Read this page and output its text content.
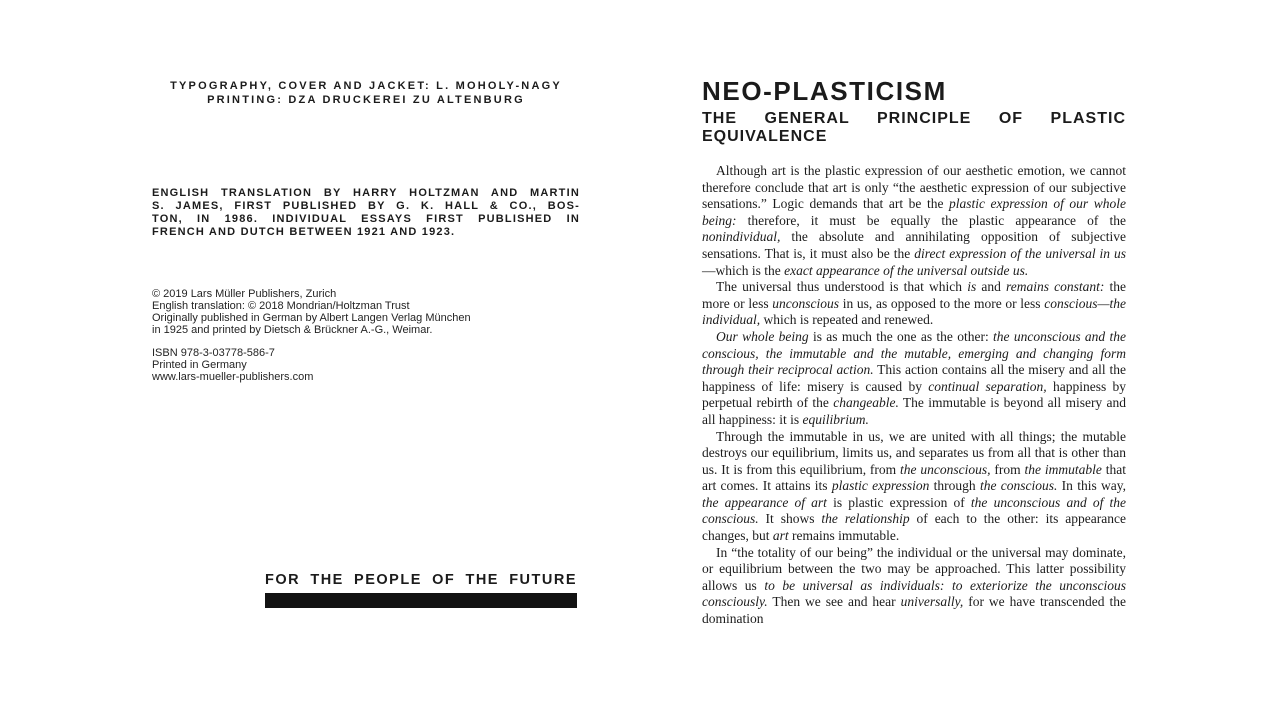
TYPOGRAPHY, COVER AND JACKET: L. MOHOLY-NAGY
PRINTING: DZA DRUCKEREI ZU ALTENBURG
ENGLISH TRANSLATION BY HARRY HOLTZMAN AND MARTIN
S. JAMES, FIRST PUBLISHED BY G. K. HALL & CO., BOS-
TON, IN 1986. INDIVIDUAL ESSAYS FIRST PUBLISHED IN
FRENCH AND DUTCH BETWEEN 1921 AND 1923.
© 2019 Lars Müller Publishers, Zurich
English translation: © 2018 Mondrian/Holtzman Trust
Originally published in German by Albert Langen Verlag München
in 1925 and printed by Dietsch & Brückner A.-G., Weimar.
ISBN 978-3-03778-586-7
Printed in Germany
www.lars-mueller-publishers.com
FOR THE PEOPLE OF THE FUTURE
NEO-PLASTICISM
THE GENERAL PRINCIPLE OF PLASTIC
EQUIVALENCE

Although art is the plastic expression of our aesthetic emotion, we cannot therefore conclude that art is only “the aesthetic expression of our subjective sensations.” Logic demands that art be the plastic expression of our whole being: therefore, it must be equally the plastic appearance of the nonindividual, the absolute and annihilating opposition of subjective sensations. That is, it must also be the direct expression of the universal in us—which is the exact appearance of the universal outside us.

The universal thus understood is that which is and remains constant: the more or less unconscious in us, as opposed to the more or less conscious—the individual, which is repeated and renewed.

Our whole being is as much the one as the other: the unconscious and the conscious, the immutable and the mutable, emerging and changing form through their reciprocal action. This action contains all the misery and all the happiness of life: misery is caused by continual separation, happiness by perpetual rebirth of the changeable. The immutable is beyond all misery and all happiness: it is equilibrium.

Through the immutable in us, we are united with all things; the mutable destroys our equilibrium, limits us, and separates us from all that is other than us. It is from this equilibrium, from the unconscious, from the immutable that art comes. It attains its plastic expression through the conscious. In this way, the appearance of art is plastic expression of the unconscious and of the conscious. It shows the relationship of each to the other: its appearance changes, but art remains immutable.

In “the totality of our being” the individual or the universal may dominate, or equilibrium between the two may be approached. This latter possibility allows us to be universal as individuals: to exteriorize the unconscious consciously. Then we see and hear universally, for we have transcended the domination
